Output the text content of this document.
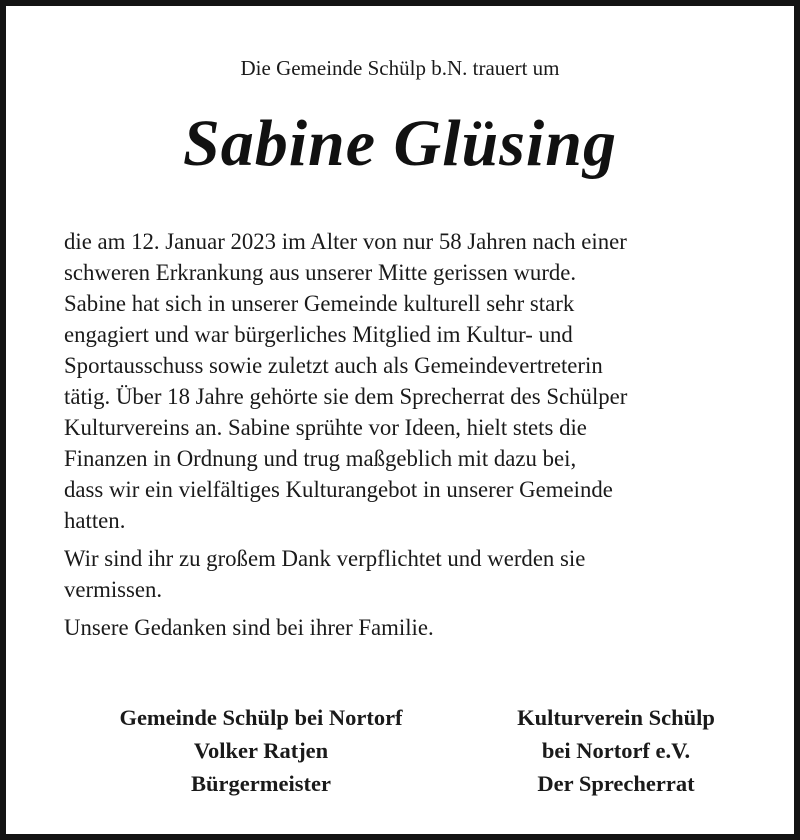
Die Gemeinde Schülp b.N. trauert um
Sabine Glüsing
die am 12. Januar 2023 im Alter von nur 58 Jahren nach einer
schweren Erkrankung aus unserer Mitte gerissen wurde.
Sabine hat sich in unserer Gemeinde kulturell sehr stark
engagiert und war bürgerliches Mitglied im Kultur- und
Sportausschuss sowie zuletzt auch als Gemeindevertreterin
tätig. Über 18 Jahre gehörte sie dem Sprecherrat des Schülper
Kulturvereins an. Sabine sprühte vor Ideen, hielt stets die
Finanzen in Ordnung und trug maßgeblich mit dazu bei,
dass wir ein vielfältiges Kulturangebot in unserer Gemeinde
hatten.
Wir sind ihr zu großem Dank verpflichtet und werden sie
vermissen.
Unsere Gedanken sind bei ihrer Familie.
Gemeinde Schülp bei Nortorf
Volker Ratjen
Bürgermeister
Kulturverein Schülp
bei Nortorf e.V.
Der Sprecherrat
